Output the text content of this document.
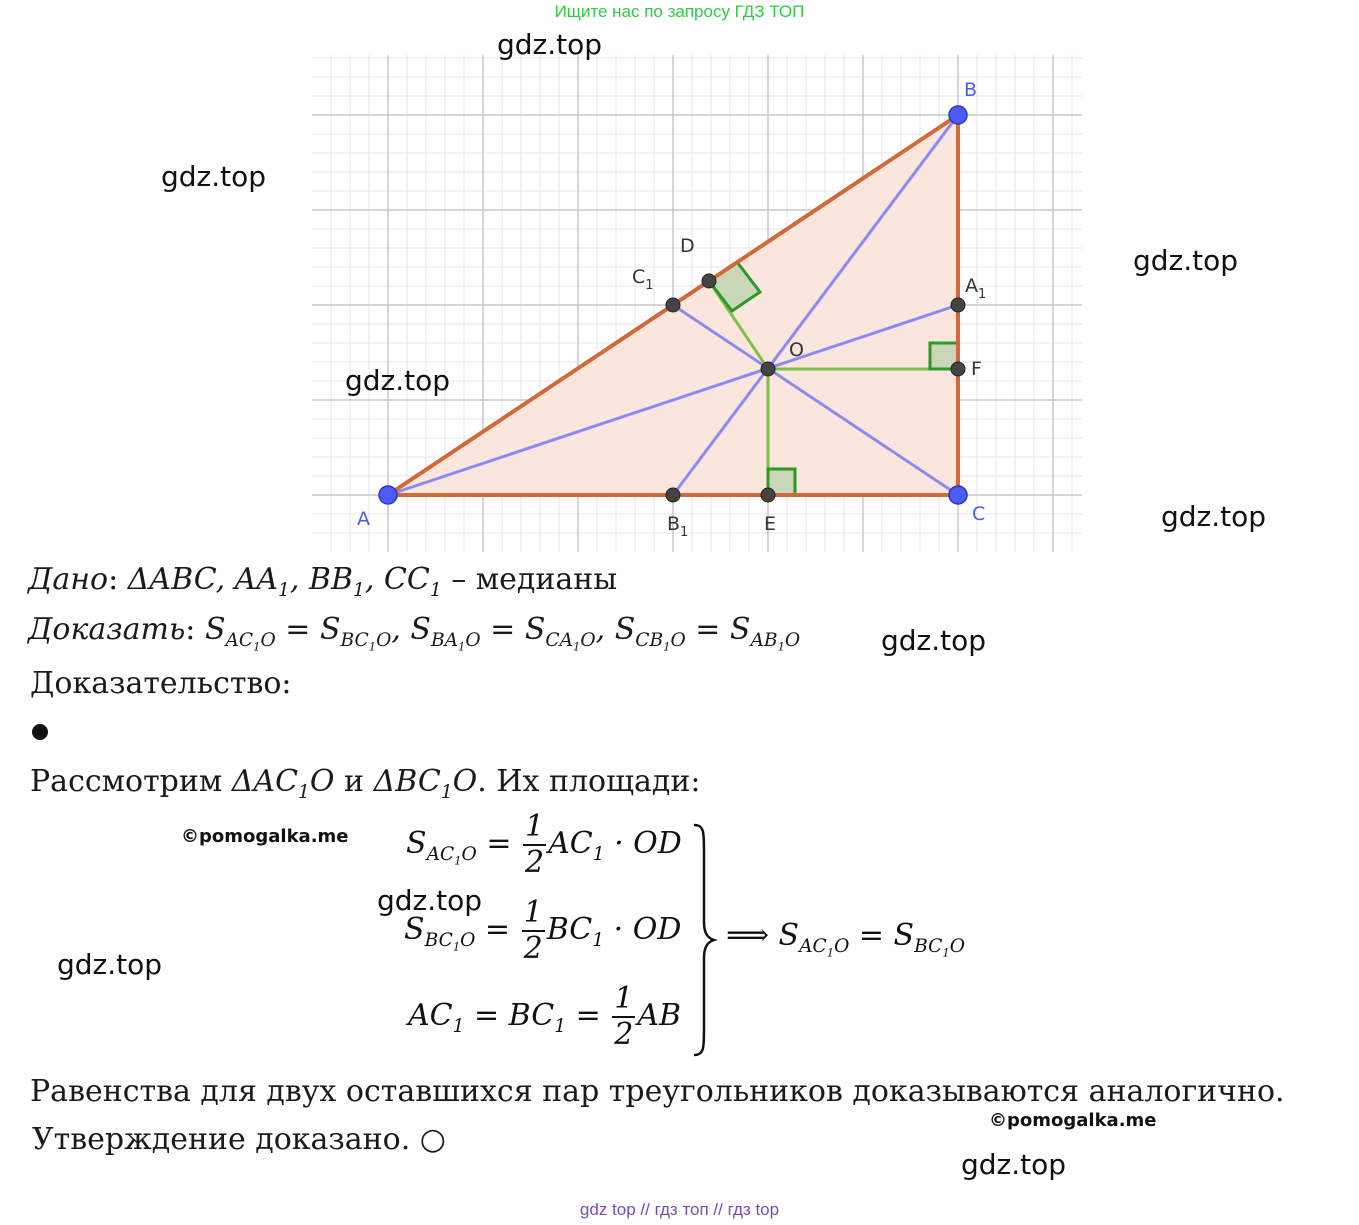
Ищите нас по запросу ГДЗ ТОП
A
B
C
D
$C_1$	$A_1$
O
F
$B_1$	E
gdz.top
gdz.top
gdz.top
gdz.top
gdz.top
gdz.top
gdz.top
gdz.top
gdz.top
©pomogalka.me
©pomogalka.me
Дано: ΔABC, $AA_1$, $BB_1$, $CC_1$ – медианы
Доказать: $S_{AC_1O} = S_{BC_1O}$, $S_{BA_1O} = S_{CA_1O}$, $S_{CB_1O} = S_{AB_1O}$
Доказательство:
Рассмотрим $\Delta AC_1O$ и $\Delta BC_1O$. Их площади:
$S_{AC_1O} = \frac{1}{2} AC_1$ · OD
$S_{BC_1O} = \frac{1}{2} BC_1$ · OD
$AC_1 = BC_1 = \frac{1}{2}$ AB
⟹ $S_{AC_1O} = S_{BC_1O}$
Равенства для двух оставшихся пар треугольников доказываются аналогично.
Утверждение доказано. ○
gdz top // гдз топ // гдз top
